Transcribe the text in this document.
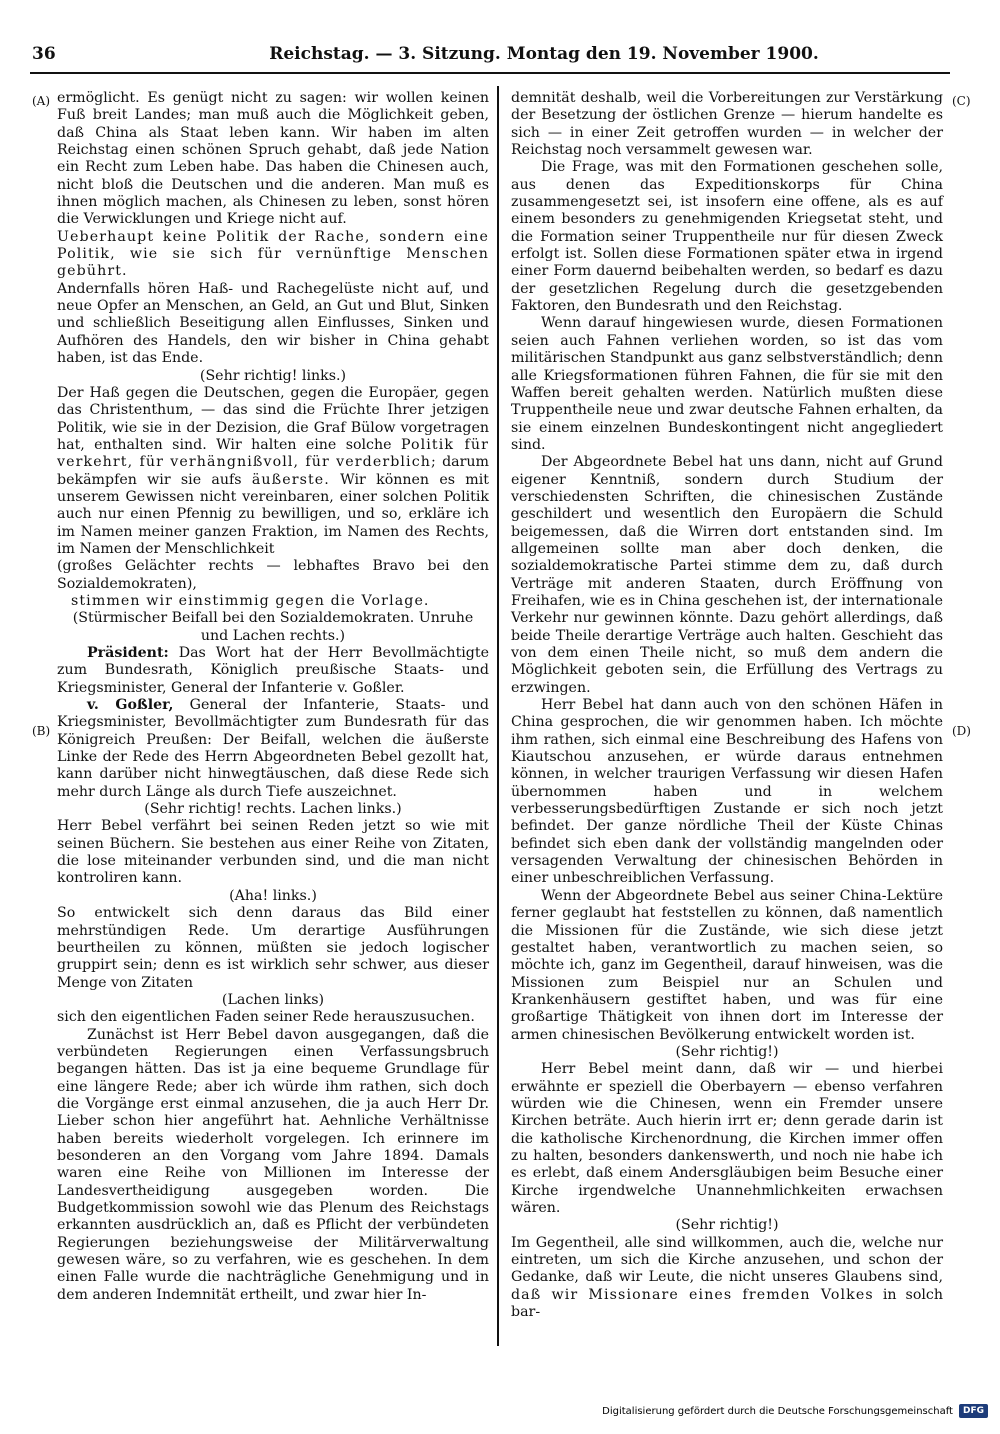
36	Reichstag. — 3. Sitzung. Montag den 19. November 1900.
(A)
(B)
(C)
(D)

ermöglicht. Es genügt nicht zu sagen: wir wollen keinen Fuß breit Landes; man muß auch die Möglichkeit geben, daß China als Staat leben kann. Wir haben im alten Reichstag einen schönen Spruch gehabt, daß jede Nation ein Recht zum Leben habe. Das haben die Chinesen auch, nicht bloß die Deutschen und die anderen. Man muß es ihnen möglich machen, als Chinesen zu leben, sonst hören die Verwicklungen und Kriege nicht auf.

Ueberhaupt keine Politik der Rache, sondern eine Politik, wie sie sich für vernünftige Menschen gebührt.

Andernfalls hören Haß- und Rachegelüste nicht auf, und neue Opfer an Menschen, an Geld, an Gut und Blut, Sinken und schließlich Beseitigung allen Einflusses, Sinken und Aufhören des Handels, den wir bisher in China gehabt haben, ist das Ende.

(Sehr richtig! links.)

Der Haß gegen die Deutschen, gegen die Europäer, gegen das Christenthum, — das sind die Früchte Ihrer jetzigen Politik, wie sie in der Dezision, die Graf Bülow vorgetragen hat, enthalten sind. Wir halten eine solche Politik für verkehrt, für verhängnißvoll, für verderblich; darum bekämpfen wir sie aufs äußerste. Wir können es mit unserem Gewissen nicht vereinbaren, einer solchen Politik auch nur einen Pfennig zu bewilligen, und so, erkläre ich im Namen meiner ganzen Fraktion, im Namen des Rechts, im Namen der Menschlichkeit

(großes Gelächter rechts — lebhaftes Bravo bei den Sozialdemokraten),

stimmen wir einstimmig gegen die Vorlage.

(Stürmischer Beifall bei den Sozialdemokraten. Unruhe und Lachen rechts.)

Präsident: Das Wort hat der Herr Bevollmächtigte zum Bundesrath, Königlich preußische Staats- und Kriegsminister, General der Infanterie v. Goßler.

v. Goßler, General der Infanterie, Staats- und Kriegsminister, Bevollmächtigter zum Bundesrath für das Königreich Preußen: Der Beifall, welchen die äußerste Linke der Rede des Herrn Abgeordneten Bebel gezollt hat, kann darüber nicht hinwegtäuschen, daß diese Rede sich mehr durch Länge als durch Tiefe auszeichnet.

(Sehr richtig! rechts. Lachen links.)

Herr Bebel verfährt bei seinen Reden jetzt so wie mit seinen Büchern. Sie bestehen aus einer Reihe von Zitaten, die lose miteinander verbunden sind, und die man nicht kontroliren kann.

(Aha! links.)

So entwickelt sich denn daraus das Bild einer mehrstündigen Rede. Um derartige Ausführungen beurtheilen zu können, müßten sie jedoch logischer gruppirt sein; denn es ist wirklich sehr schwer, aus dieser Menge von Zitaten

(Lachen links)

sich den eigentlichen Faden seiner Rede herauszusuchen.

Zunächst ist Herr Bebel davon ausgegangen, daß die verbündeten Regierungen einen Verfassungsbruch begangen hätten. Das ist ja eine bequeme Grundlage für eine längere Rede; aber ich würde ihm rathen, sich doch die Vorgänge erst einmal anzusehen, die ja auch Herr Dr. Lieber schon hier angeführt hat. Aehnliche Verhältnisse haben bereits wiederholt vorgelegen. Ich erinnere im besonderen an den Vorgang vom Jahre 1894. Damals waren eine Reihe von Millionen im Interesse der Landesvertheidigung ausgegeben worden. Die Budgetkommission sowohl wie das Plenum des Reichstags erkannten ausdrücklich an, daß es Pflicht der verbündeten Regierungen beziehungsweise der Militärverwaltung gewesen wäre, so zu verfahren, wie es geschehen. In dem einen Falle wurde die nachträgliche Genehmigung und in dem anderen Indemnität ertheilt, und zwar hier In-

demnität deshalb, weil die Vorbereitungen zur Verstärkung der Besetzung der östlichen Grenze — hierum handelte es sich — in einer Zeit getroffen wurden — in welcher der Reichstag noch versammelt gewesen war.

Die Frage, was mit den Formationen geschehen solle, aus denen das Expeditionskorps für China zusammengesetzt sei, ist insofern eine offene, als es auf einem besonders zu genehmigenden Kriegsetat steht, und die Formation seiner Truppentheile nur für diesen Zweck erfolgt ist. Sollen diese Formationen später etwa in irgend einer Form dauernd beibehalten werden, so bedarf es dazu der gesetzlichen Regelung durch die gesetzgebenden Faktoren, den Bundesrath und den Reichstag.

Wenn darauf hingewiesen wurde, diesen Formationen seien auch Fahnen verliehen worden, so ist das vom militärischen Standpunkt aus ganz selbstverständlich; denn alle Kriegsformationen führen Fahnen, die für sie mit den Waffen bereit gehalten werden. Natürlich mußten diese Truppentheile neue und zwar deutsche Fahnen erhalten, da sie einem einzelnen Bundeskontingent nicht angegliedert sind.

Der Abgeordnete Bebel hat uns dann, nicht auf Grund eigener Kenntniß, sondern durch Studium der verschiedensten Schriften, die chinesischen Zustände geschildert und wesentlich den Europäern die Schuld beigemessen, daß die Wirren dort entstanden sind. Im allgemeinen sollte man aber doch denken, die sozialdemokratische Partei stimme dem zu, daß durch Verträge mit anderen Staaten, durch Eröffnung von Freihafen, wie es in China geschehen ist, der internationale Verkehr nur gewinnen könnte. Dazu gehört allerdings, daß beide Theile derartige Verträge auch halten. Geschieht das von dem einen Theile nicht, so muß dem andern die Möglichkeit geboten sein, die Erfüllung des Vertrags zu erzwingen.

Herr Bebel hat dann auch von den schönen Häfen in China gesprochen, die wir genommen haben. Ich möchte ihm rathen, sich einmal eine Beschreibung des Hafens von Kiautschou anzusehen, er würde daraus entnehmen können, in welcher traurigen Verfassung wir diesen Hafen übernommen haben und in welchem verbesserungsbedürftigen Zustande er sich noch jetzt befindet. Der ganze nördliche Theil der Küste Chinas befindet sich eben dank der vollständig mangelnden oder versagenden Verwaltung der chinesischen Behörden in einer unbeschreiblichen Verfassung.

Wenn der Abgeordnete Bebel aus seiner China-Lektüre ferner geglaubt hat feststellen zu können, daß namentlich die Missionen für die Zustände, wie sich diese jetzt gestaltet haben, verantwortlich zu machen seien, so möchte ich, ganz im Gegentheil, darauf hinweisen, was die Missionen zum Beispiel nur an Schulen und Krankenhäusern gestiftet haben, und was für eine großartige Thätigkeit von ihnen dort im Interesse der armen chinesischen Bevölkerung entwickelt worden ist.

(Sehr richtig!)

Herr Bebel meint dann, daß wir — und hierbei erwähnte er speziell die Oberbayern — ebenso verfahren würden wie die Chinesen, wenn ein Fremder unsere Kirchen beträte. Auch hierin irrt er; denn gerade darin ist die katholische Kirchenordnung, die Kirchen immer offen zu halten, besonders dankenswerth, und noch nie habe ich es erlebt, daß einem Andersgläubigen beim Besuche einer Kirche irgendwelche Unannehmlichkeiten erwachsen wären.

(Sehr richtig!)

Im Gegentheil, alle sind willkommen, auch die, welche nur eintreten, um sich die Kirche anzusehen, und schon der Gedanke, daß wir Leute, die nicht unseres Glaubens sind, daß wir Missionare eines fremden Volkes in solch bar-

Digitalisierung gefördert durch die Deutsche Forschungsgemeinschaft	DFG
